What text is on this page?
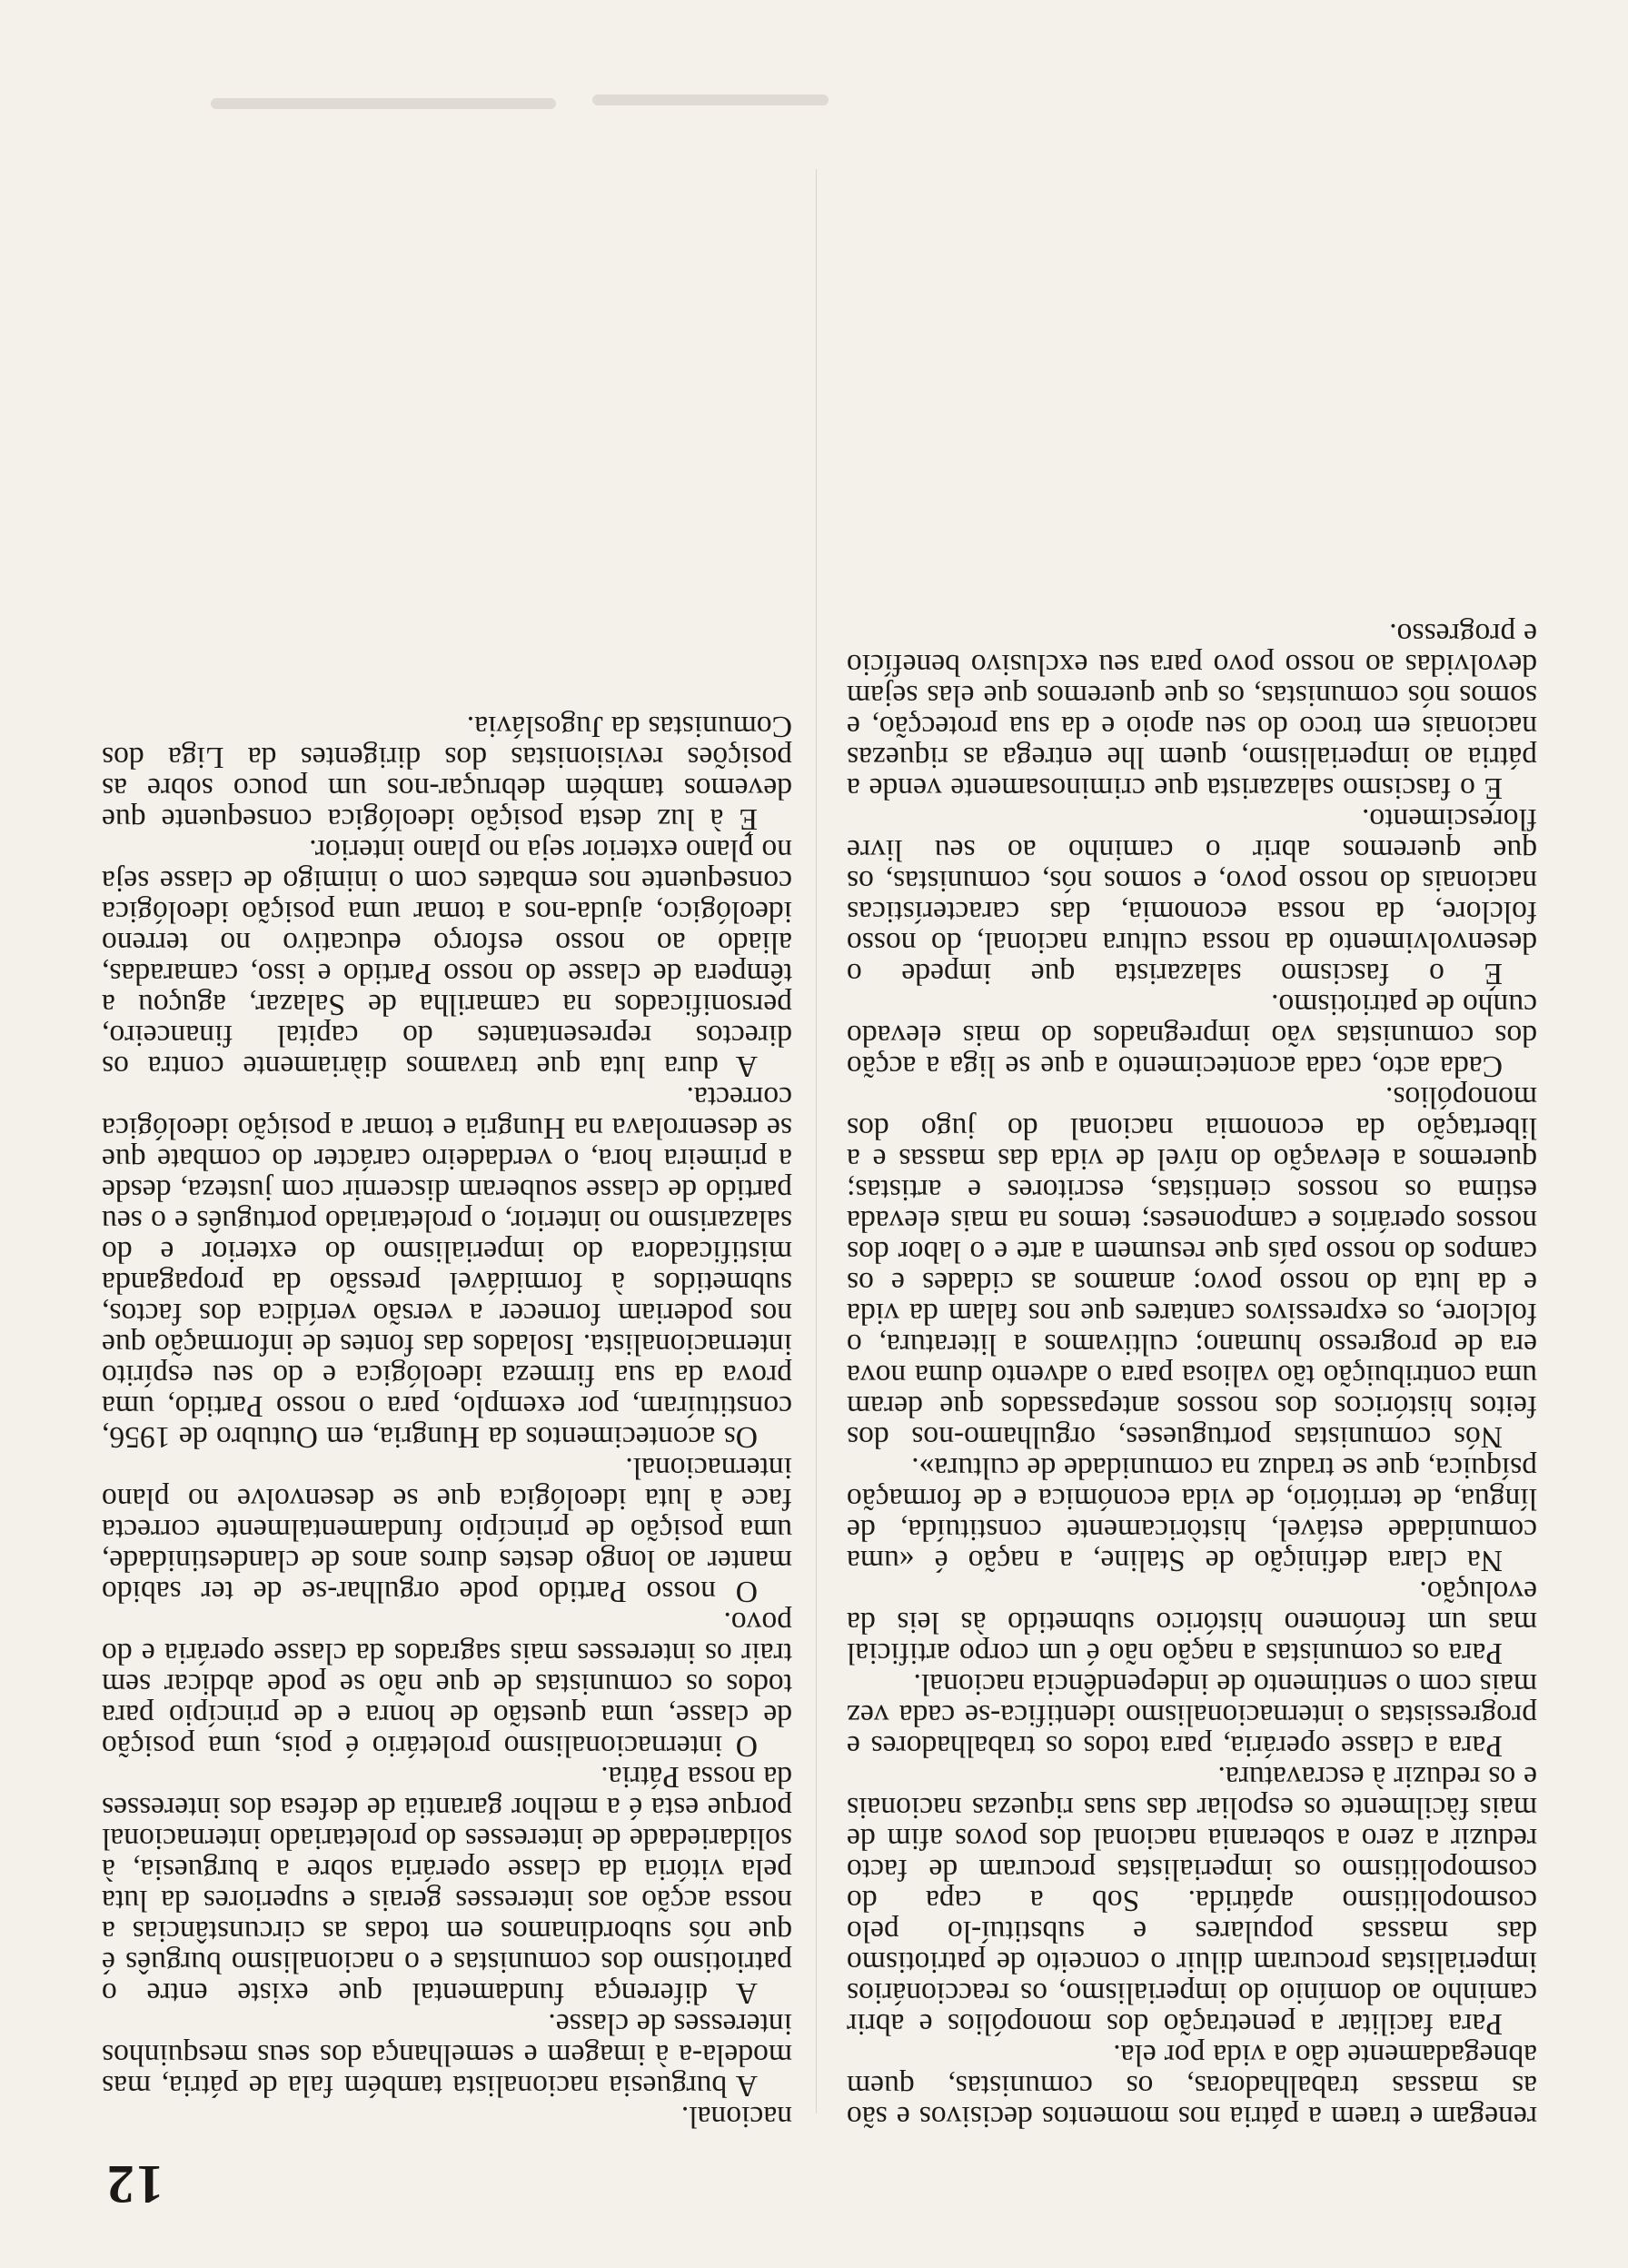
12

renegam e traem a pátria nos momentos decisivos e são as massas trabalhadoras, os comunistas, quem abnegadamente dão a vida por ela.

Para facilitar a penetração dos monopólios e abrir caminho ao domínio do imperialismo, os reaccionários imperialistas procuram diluir o conceito de patriotismo das massas populares e substituí-lo pelo cosmopolitismo apátrida. Sob a capa do cosmopolitismo os imperialistas procuram de facto reduzir a zero a soberania nacional dos povos afim de mais fàcilmente os espoliar das suas riquezas nacionais e os reduzir à escravatura.

Para a classe operária, para todos os trabalhadores e progressistas o internacionalismo identifica-se cada vez mais com o sentimento de independência nacional.

Para os comunistas a nação não é um corpo artificial mas um fenómeno histórico submetido às leis da evolução.

Na clara definição de Staline, a nação é «uma comunidade estável, històricamente constituída, de língua, de território, de vida económica e de formação psíquica, que se traduz na comunidade de cultura».

Nós comunistas portugueses, orgulhamo-nos dos feitos históricos dos nossos antepassados que deram uma contribuição tão valiosa para o advento duma nova era de progresso humano; cultivamos a literatura, o folclore, os expressivos cantares que nos falam da vida e da luta do nosso povo; amamos as cidades e os campos do nosso país que resumem a arte e o labor dos nossos operários e camponeses; temos na mais elevada estima os nossos cientistas, escritores e artistas; queremos a elevação do nível de vida das massas e a libertação da economia nacional do jugo dos monopólios.

Cada acto, cada acontecimento a que se liga a acção dos comunistas vão impregnados do mais elevado cunho de patriotismo.

É o fascismo salazarista que impede o desenvolvimento da nossa cultura nacional, do nosso folclore, da nossa economia, das características nacionais do nosso povo, e somos nós, comunistas, os que queremos abrir o caminho ao seu livre florescimento.

É o fascismo salazarista que criminosamente vende a pátria ao imperialismo, quem lhe entrega as riquezas nacionais em troco do seu apoio e da sua protecção, e somos nós comunistas, os que queremos que elas sejam devolvidas ao nosso povo para seu exclusivo benefício e progresso.

nacional.

A burguesia nacionalista também fala de pátria, mas modela-a à imagem e semelhança dos seus mesquinhos interesses de classe.

A diferença fundamental que existe entre o patriotismo dos comunistas e o nacionalismo burguês é que nós subordinamos em todas as circunstâncias a nossa acção aos interesses gerais e superiores da luta pela vitória da classe operária sobre a burguesia, à solidariedade de interesses do proletariado internacional porque esta é a melhor garantia de defesa dos interesses da nossa Pátria.

O internacionalismo proletário é pois, uma posição de classe, uma questão de honra e de princípio para todos os comunistas de que não se pode abdicar sem trair os interesses mais sagrados da classe operária e do povo.

O nosso Partido pode orgulhar-se de ter sabido manter ao longo destes duros anos de clandestinidade, uma posição de princípio fundamentalmente correcta face à luta ideológica que se desenvolve no plano internacional.

Os acontecimentos da Hungria, em Outubro de 1956, constituíram, por exemplo, para o nosso Partido, uma prova da sua firmeza ideológica e do seu espírito internacionalista. Isolados das fontes de informação que nos poderiam fornecer a versão verídica dos factos, submetidos à formidável pressão da propaganda mistificadora do imperialismo do exterior e do salazarismo no interior, o proletariado português e o seu partido de classe souberam discernir com justeza, desde a primeira hora, o verdadeiro carácter do combate que se desenrolava na Hungria e tomar a posição ideológica correcta.

A dura luta que travamos diàriamente contra os directos representantes do capital financeiro, personificados na camarilha de Salazar, aguçou a têmpera de classe do nosso Partido e isso, camaradas, aliado ao nosso esforço educativo no terreno ideológico, ajuda-nos a tomar uma posição ideológica consequente nos embates com o inimigo de classe seja no plano exterior seja no plano interior.

É à luz desta posição ideológica consequente que devemos também debruçar-nos um pouco sobre as posições revisionistas dos dirigentes da Liga dos Comunistas da Jugoslávia.
